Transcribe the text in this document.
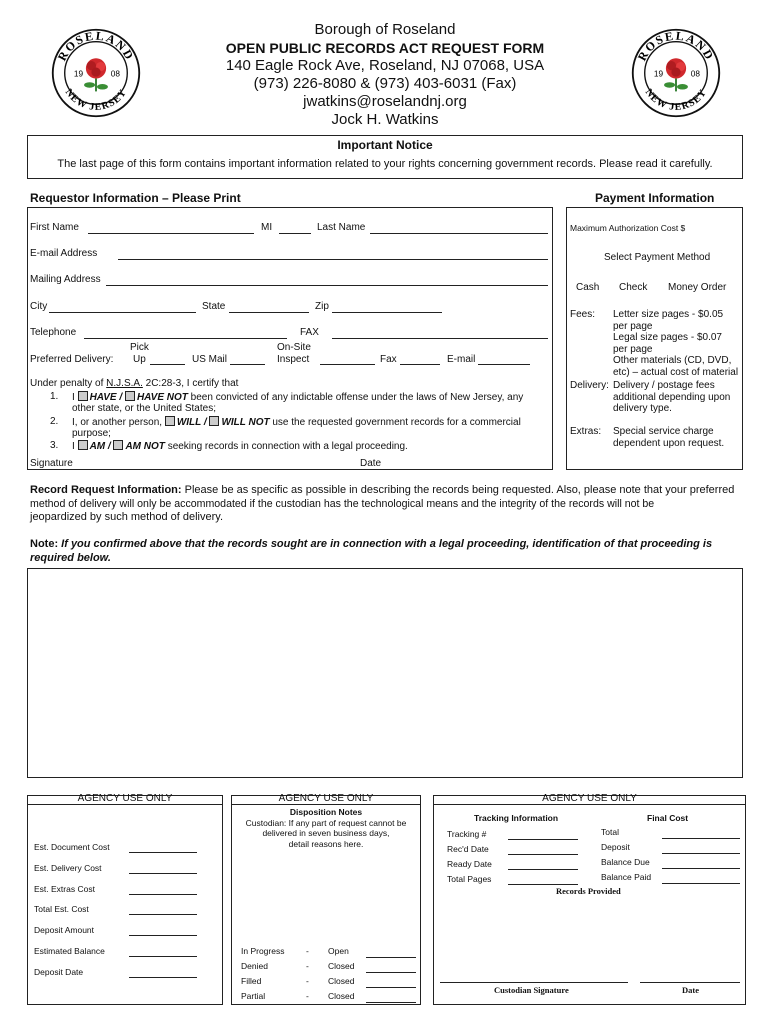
ROSELAND
NEW JERSEY
19	08
ROSELAND
NEW JERSEY
19	08
Borough of Roseland
OPEN PUBLIC RECORDS ACT REQUEST FORM
140 Eagle Rock Ave, Roseland, NJ 07068, USA
(973) 226-8080 & (973) 403-6031 (Fax)
jwatkins@roselandnj.org
Jock H. Watkins
Important Notice
The last page of this form contains important information related to your rights concerning government records. Please read it carefully.
Requestor Information – Please Print
First Name	MI	Last Name
E-mail Address
Mailing Address
City	State	Zip
Telephone	FAX
Pick	On-Site
Preferred Delivery: Up	US Mail	Inspect	Fax	E-mail
Under penalty of N.J.S.A. 2C:28-3, I certify that
1. I HAVE / HAVE NOT been convicted of any indictable offense under the laws of New Jersey, any
other state, or the United States;
2. I, or another person, WILL / WILL NOT use the requested government records for a commercial
purpose;
3. I AM / AM NOT seeking records in connection with a legal proceeding.
Signature	Date
Payment Information
Maximum Authorization Cost $
Select Payment Method
Cash Check Money Order
Fees: Letter size pages - $0.05
per page
Legal size pages - $0.07
per page
Other materials (CD, DVD,
etc) – actual cost of material
Delivery: Delivery / postage fees
additional depending upon
delivery type.
Extras: Special service charge
dependent upon request.
Record Request Information: Please be as specific as possible in describing the records being requested. Also, please note that your preferred
method of delivery will only be accommodated if the custodian has the technological means and the integrity of the records will not be
jeopardized by such method of delivery.
Note: If you confirmed above that the records sought are in connection with a legal proceeding, identification of that proceeding is
required below.
AGENCY USE ONLY
Est. Document Cost
Est. Delivery Cost
Est. Extras Cost
Total Est. Cost
Deposit Amount
Estimated Balance
Deposit Date
AGENCY USE ONLY
Disposition Notes
Custodian: If any part of request cannot be
delivered in seven business days,
detail reasons here.
In Progress	- Open
Denied	- Closed
Filled	- Closed
Partial	- Closed
AGENCY USE ONLY
Tracking Information	Final Cost
Tracking #
Rec'd Date
Ready Date
Total Pages
Total
Deposit
Balance Due
Balance Paid
Records Provided
Custodian Signature	Date
